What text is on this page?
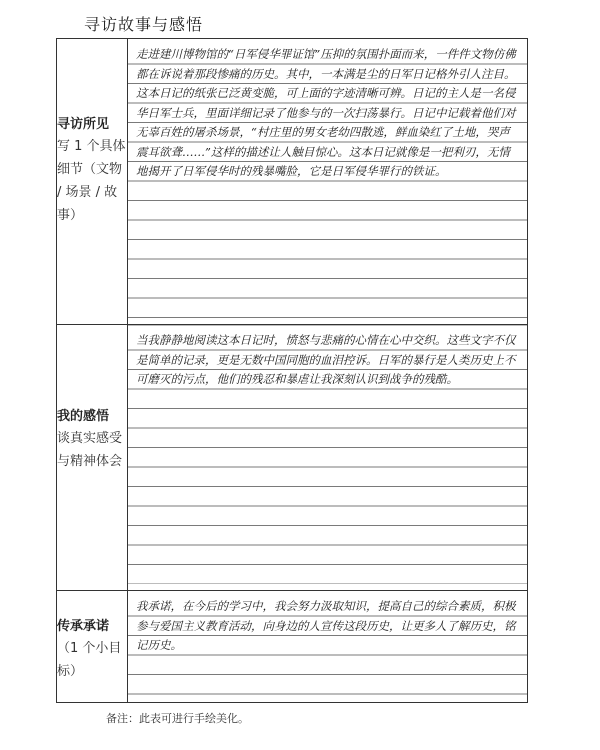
寻访故事与感悟
寻访所见
写 1 个具体细节（文物 / 场景 / 故事）	走进建川博物馆的“日军侵华罪证馆”压抑的氛围扑面而来，一件件文物仿佛都在诉说着那段惨痛的历史。其中，一本满是尘的日军日记格外引人注目。这本日记的纸张已泛黄变脆，可上面的字迹清晰可辨。日记的主人是一名侵华日军士兵，里面详细记录了他参与的一次扫荡暴行。日记中记载着他们对无辜百姓的屠杀场景，“村庄里的男女老幼四散逃，鲜血染红了土地，哭声震耳欲聋……”这样的描述让人触目惊心。这本日记就像是一把利刃，无情地揭开了日军侵华时的残暴嘴脸，它是日军侵华罪行的铁证。

我的感悟
谈真实感受与精神体会	当我静静地阅读这本日记时，愤怒与悲痛的心情在心中交织。这些文字不仅是简单的记录，更是无数中国同胞的血泪控诉。日军的暴行是人类历史上不可磨灭的污点，他们的残忍和暴虐让我深刻认识到战争的残酷。

传承承诺
（1 个小目标）	我承诺，在今后的学习中，我会努力汲取知识，提高自己的综合素质，积极参与爱国主义教育活动，向身边的人宣传这段历史，让更多人了解历史，铭记历史。
备注：此表可进行手绘美化。
